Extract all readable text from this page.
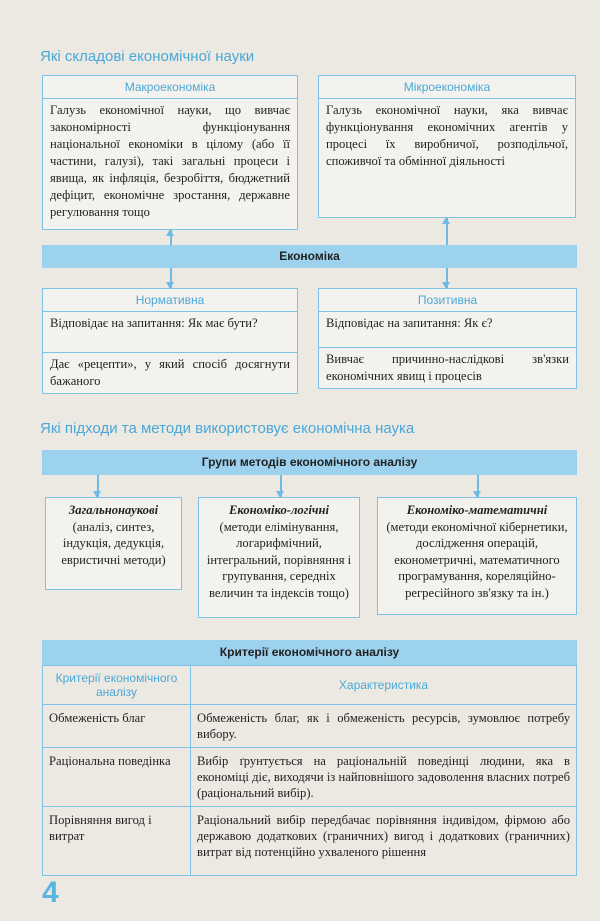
Які складові економічної науки
Макроекономіка
Галузь економічної науки, що вивчає закономірності функціонування національної економіки в цілому (або її частини, галузі), такі загальні процеси і явища, як інфляція, безробіття, бюджетний дефіцит, економічне зростання, державне регулювання тощо
Мікроекономіка
Галузь економічної науки, яка вивчає функціонування економічних агентів у процесі їх виробничої, розподільчої, споживчої та обмінної діяльності
Економіка
Нормативна
Відповідає на запитання: Як має бути?
Дає «рецепти», у який спосіб досягнути бажаного
Позитивна
Відповідає на запитання: Як є?
Вивчає причинно-наслідкові зв'язки економічних явищ і процесів
Які підходи та методи використовує економічна наука
Групи методів економічного аналізу
Загальнонаукові
(аналіз, синтез, індукція, дедукція, евристичні методи)
Економіко-логічні
(методи елімінування, логарифмічний, інтегральний, порівняння і групування, середніх величин та індексів тощо)
Економіко-математичні
(методи економічної кібернетики, дослідження операцій, економетричні, математичного програмування, кореляційно-регресійного зв'язку та ін.)
Критерії економічного аналізу
Критерії економічного аналізу	Характеристика
Обмеженість благ	Обмеженість благ, як і обмеженість ресурсів, зумовлює потребу вибору.
Раціональна поведінка	Вибір ґрунтується на раціональній поведінці людини, яка в економіці діє, виходячи із найповнішого задоволення власних потреб (раціональний вибір).
Порівняння вигод і витрат	Раціональний вибір передбачає порівняння індивідом, фірмою або державою додаткових (граничних) вигод і додаткових (граничних) витрат від потенційно ухваленого рішення
4
